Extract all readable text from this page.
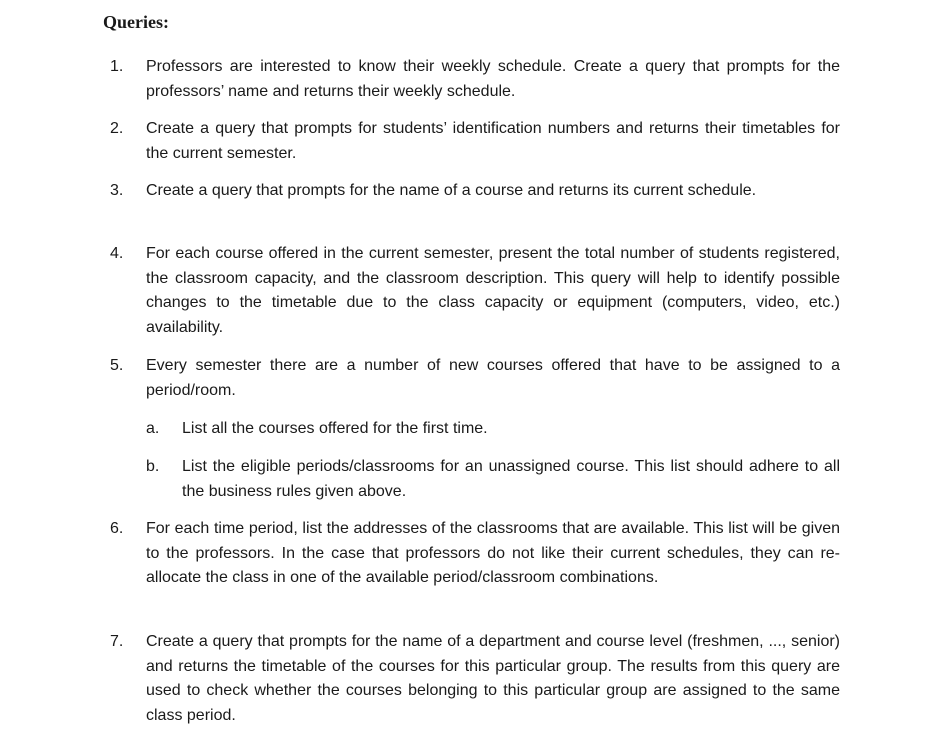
Queries:
1. Professors are interested to know their weekly schedule. Create a query that prompts for the professors’ name and returns their weekly schedule.

2. Create a query that prompts for students’ identification numbers and returns their timetables for the current semester.

3. Create a query that prompts for the name of a course and returns its current schedule.

4. For each course offered in the current semester, present the total number of students registered, the classroom capacity, and the classroom description. This query will help to identify possible changes to the timetable due to the class capacity or equipment (computers, video, etc.) availability.

5. Every semester there are a number of new courses offered that have to be assigned to a period/room.

a. List all the courses offered for the first time.

b. List the eligible periods/classrooms for an unassigned course. This list should adhere to all the business rules given above.

6. For each time period, list the addresses of the classrooms that are available. This list will be given to the professors. In the case that professors do not like their current schedules, they can re-allocate the class in one of the available period/classroom combinations.

7. Create a query that prompts for the name of a department and course level (freshmen, ..., senior) and returns the timetable of the courses for this particular group. The results from this query are used to check whether the courses belonging to this particular group are assigned to the same class period.
